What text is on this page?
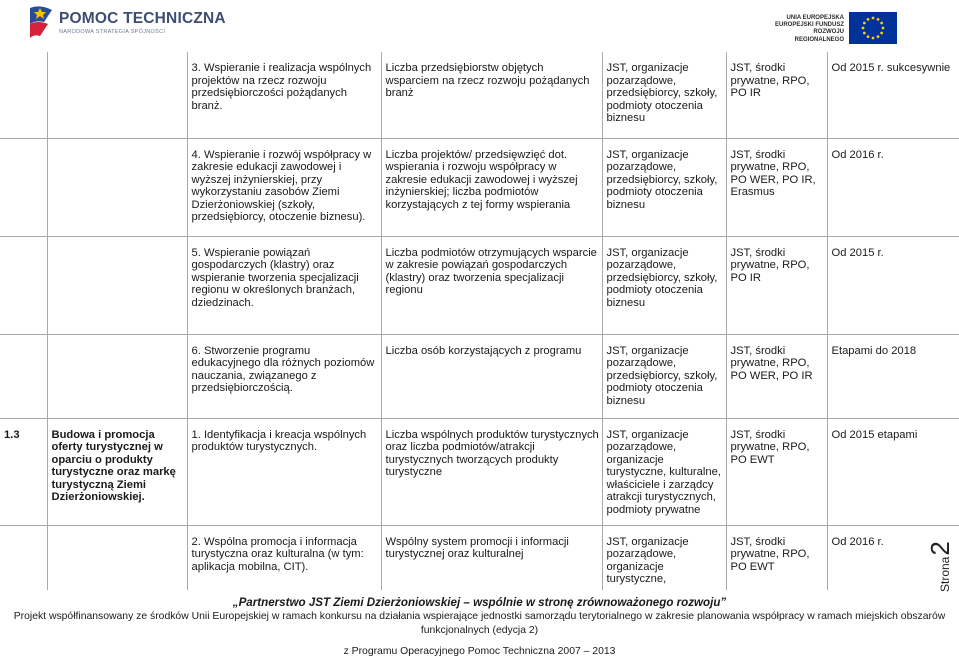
POMOC TECHNICZNA
NARODOWA STRATEGIA SPÓJNOŚCI
UNIA EUROPEJSKA
EUROPEJSKI FUNDUSZ
ROZWOJU REGIONALNEGO
		3. Wspieranie i realizacja wspólnych projektów na rzecz rozwoju przedsiębiorczości pożądanych branż.	Liczba przedsiębiorstw objętych wsparciem na rzecz rozwoju pożądanych branż	JST, organizacje pozarządowe, przedsiębiorcy, szkoły, podmioty otoczenia biznesu	JST, środki prywatne, RPO, PO IR	Od 2015 r. sukcesywnie
		4. Wspieranie i rozwój współpracy w zakresie edukacji zawodowej i wyższej inżynierskiej, przy wykorzystaniu zasobów Ziemi Dzierżoniowskiej (szkoły, przedsiębiorcy, otoczenie biznesu).	Liczba projektów/ przedsięwzięć dot. wspierania i rozwoju współpracy w zakresie edukacji zawodowej i wyższej inżynierskiej; liczba podmiotów korzystających z tej formy wspierania	JST, organizacje pozarządowe, przedsiębiorcy, szkoły, podmioty otoczenia biznesu	JST, środki prywatne, RPO, PO WER, PO IR, Erasmus	Od 2016 r.
		5. Wspieranie powiązań gospodarczych (klastry) oraz wspieranie tworzenia specjalizacji regionu w określonych branżach, dziedzinach.	Liczba podmiotów otrzymujących wsparcie w zakresie powiązań gospodarczych (klastry) oraz tworzenia specjalizacji regionu	JST, organizacje pozarządowe, przedsiębiorcy, szkoły, podmioty otoczenia biznesu	JST, środki prywatne, RPO, PO IR	Od 2015 r.
		6. Stworzenie programu edukacyjnego dla różnych poziomów nauczania, związanego z przedsiębiorczością.	Liczba osób korzystających z programu	JST, organizacje pozarządowe, przedsiębiorcy, szkoły, podmioty otoczenia biznesu	JST, środki prywatne, RPO, PO WER, PO IR	Etapami do 2018
1.3	Budowa i promocja oferty turystycznej w oparciu o produkty turystyczne oraz markę turystyczną Ziemi Dzierżoniowskiej.	1. Identyfikacja i kreacja wspólnych produktów turystycznych.	Liczba wspólnych produktów turystycznych oraz liczba podmiotów/atrakcji turystycznych tworzących produkty turystyczne	JST, organizacje pozarządowe, organizacje turystyczne, kulturalne, właściciele i zarządcy atrakcji turystycznych, podmioty prywatne	JST, środki prywatne, RPO, PO EWT	Od 2015 etapami
		2. Wspólna promocja i informacja turystyczna oraz kulturalna (w tym: aplikacja mobilna, CIT).	Wspólny system promocji i informacji turystycznej oraz kulturalnej	JST, organizacje pozarządowe, organizacje turystyczne,	JST, środki prywatne, RPO, PO EWT	Od 2016 r.
Strona2
„Partnerstwo JST Ziemi Dzierżoniowskiej – wspólnie w stronę zrównoważonego rozwoju”
Projekt współfinansowany ze środków Unii Europejskiej w ramach konkursu na działania wspierające jednostki samorządu terytorialnego w zakresie planowania współpracy w ramach miejskich obszarów funkcjonalnych (edycja 2)
z Programu Operacyjnego Pomoc Techniczna 2007 – 2013
